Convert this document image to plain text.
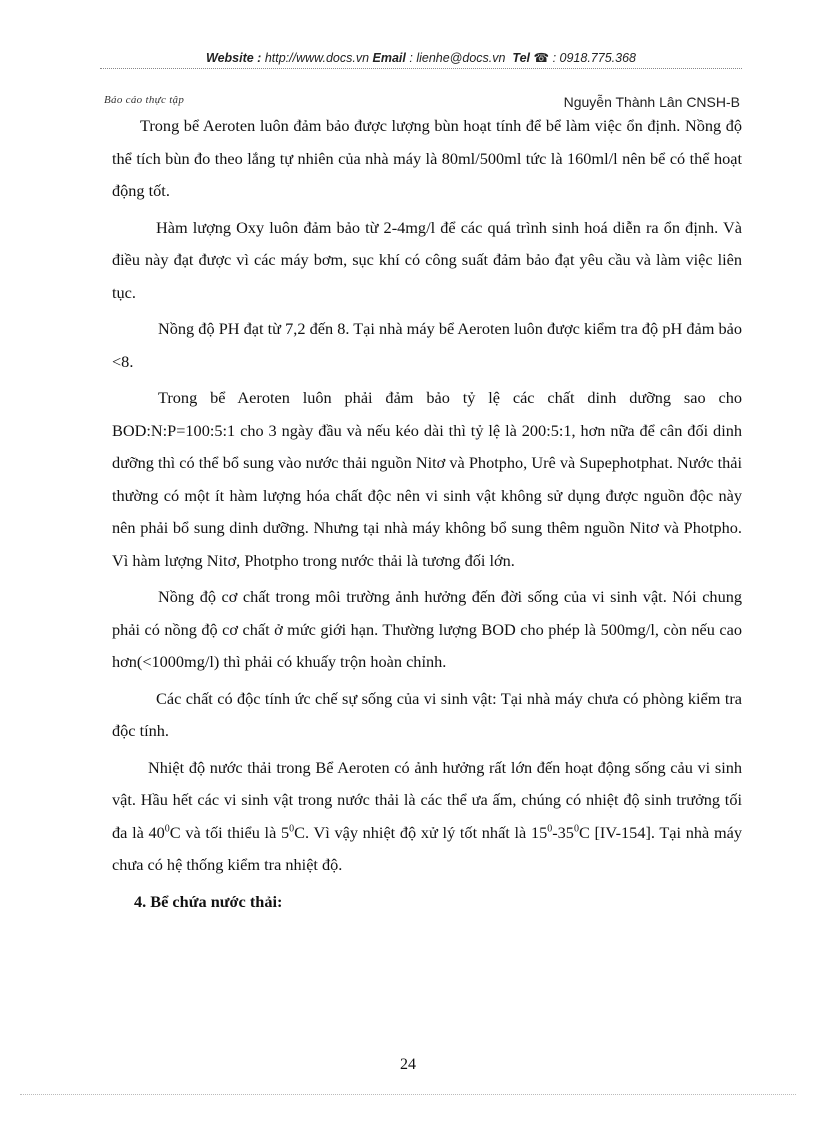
Website : http://www.docs.vn Email : lienhe@docs.vn Tel ☎ : 0918.775.368
Báo cáo thực tập	Nguyễn Thành Lân CNSH-B

Trong bể Aeroten luôn đảm bảo được lượng bùn hoạt tính để bể làm việc ổn định. Nồng độ thể tích bùn đo theo lắng tự nhiên của nhà máy là 80ml/500ml tức là 160ml/l nên bể có thể hoạt động tốt.

Hàm lượng Oxy luôn đảm bảo từ 2-4mg/l để các quá trình sinh hoá diễn ra ổn định. Và điều này đạt được vì các máy bơm, sục khí có công suất đảm bảo đạt yêu cầu và làm việc liên tục.

Nồng độ PH đạt từ 7,2 đến 8. Tại nhà máy bể Aeroten luôn được kiểm tra độ pH đảm bảo <8.

Trong bể Aeroten luôn phải đảm bảo tỷ lệ các chất dinh dưỡng sao cho BOD:N:P=100:5:1 cho 3 ngày đầu và nếu kéo dài thì tỷ lệ là 200:5:1, hơn nữa để cân đối dinh dưỡng thì có thể bổ sung vào nước thải nguồn Nitơ và Photpho, Urê và Supephotphat. Nước thải thường có một ít hàm lượng hóa chất độc nên vi sinh vật không sử dụng được nguồn độc này nên phải bổ sung dinh dưỡng. Nhưng tại nhà máy không bổ sung thêm nguồn Nitơ và Photpho. Vì hàm lượng Nitơ, Photpho trong nước thải là tương đối lớn.

Nồng độ cơ chất trong môi trường ảnh hưởng đến đời sống của vi sinh vật. Nói chung phải có nồng độ cơ chất ở mức giới hạn. Thường lượng BOD cho phép là 500mg/l, còn nếu cao hơn(<1000mg/l) thì phải có khuấy trộn hoàn chỉnh.

Các chất có độc tính ức chế sự sống của vi sinh vật: Tại nhà máy chưa có phòng kiểm tra độc tính.

Nhiệt độ nước thải trong Bể Aeroten có ảnh hưởng rất lớn đến hoạt động sống cảu vi sinh vật. Hầu hết các vi sinh vật trong nước thải là các thể ưa ấm, chúng có nhiệt độ sinh trưởng tối đa là $40^0C$ và tối thiểu là $5^0C$. Vì vậy nhiệt độ xử lý tốt nhất là $15^0-35^0C$ [IV-154]. Tại nhà máy chưa có hệ thống kiểm tra nhiệt độ.

4. Bể chứa nước thải:

24
